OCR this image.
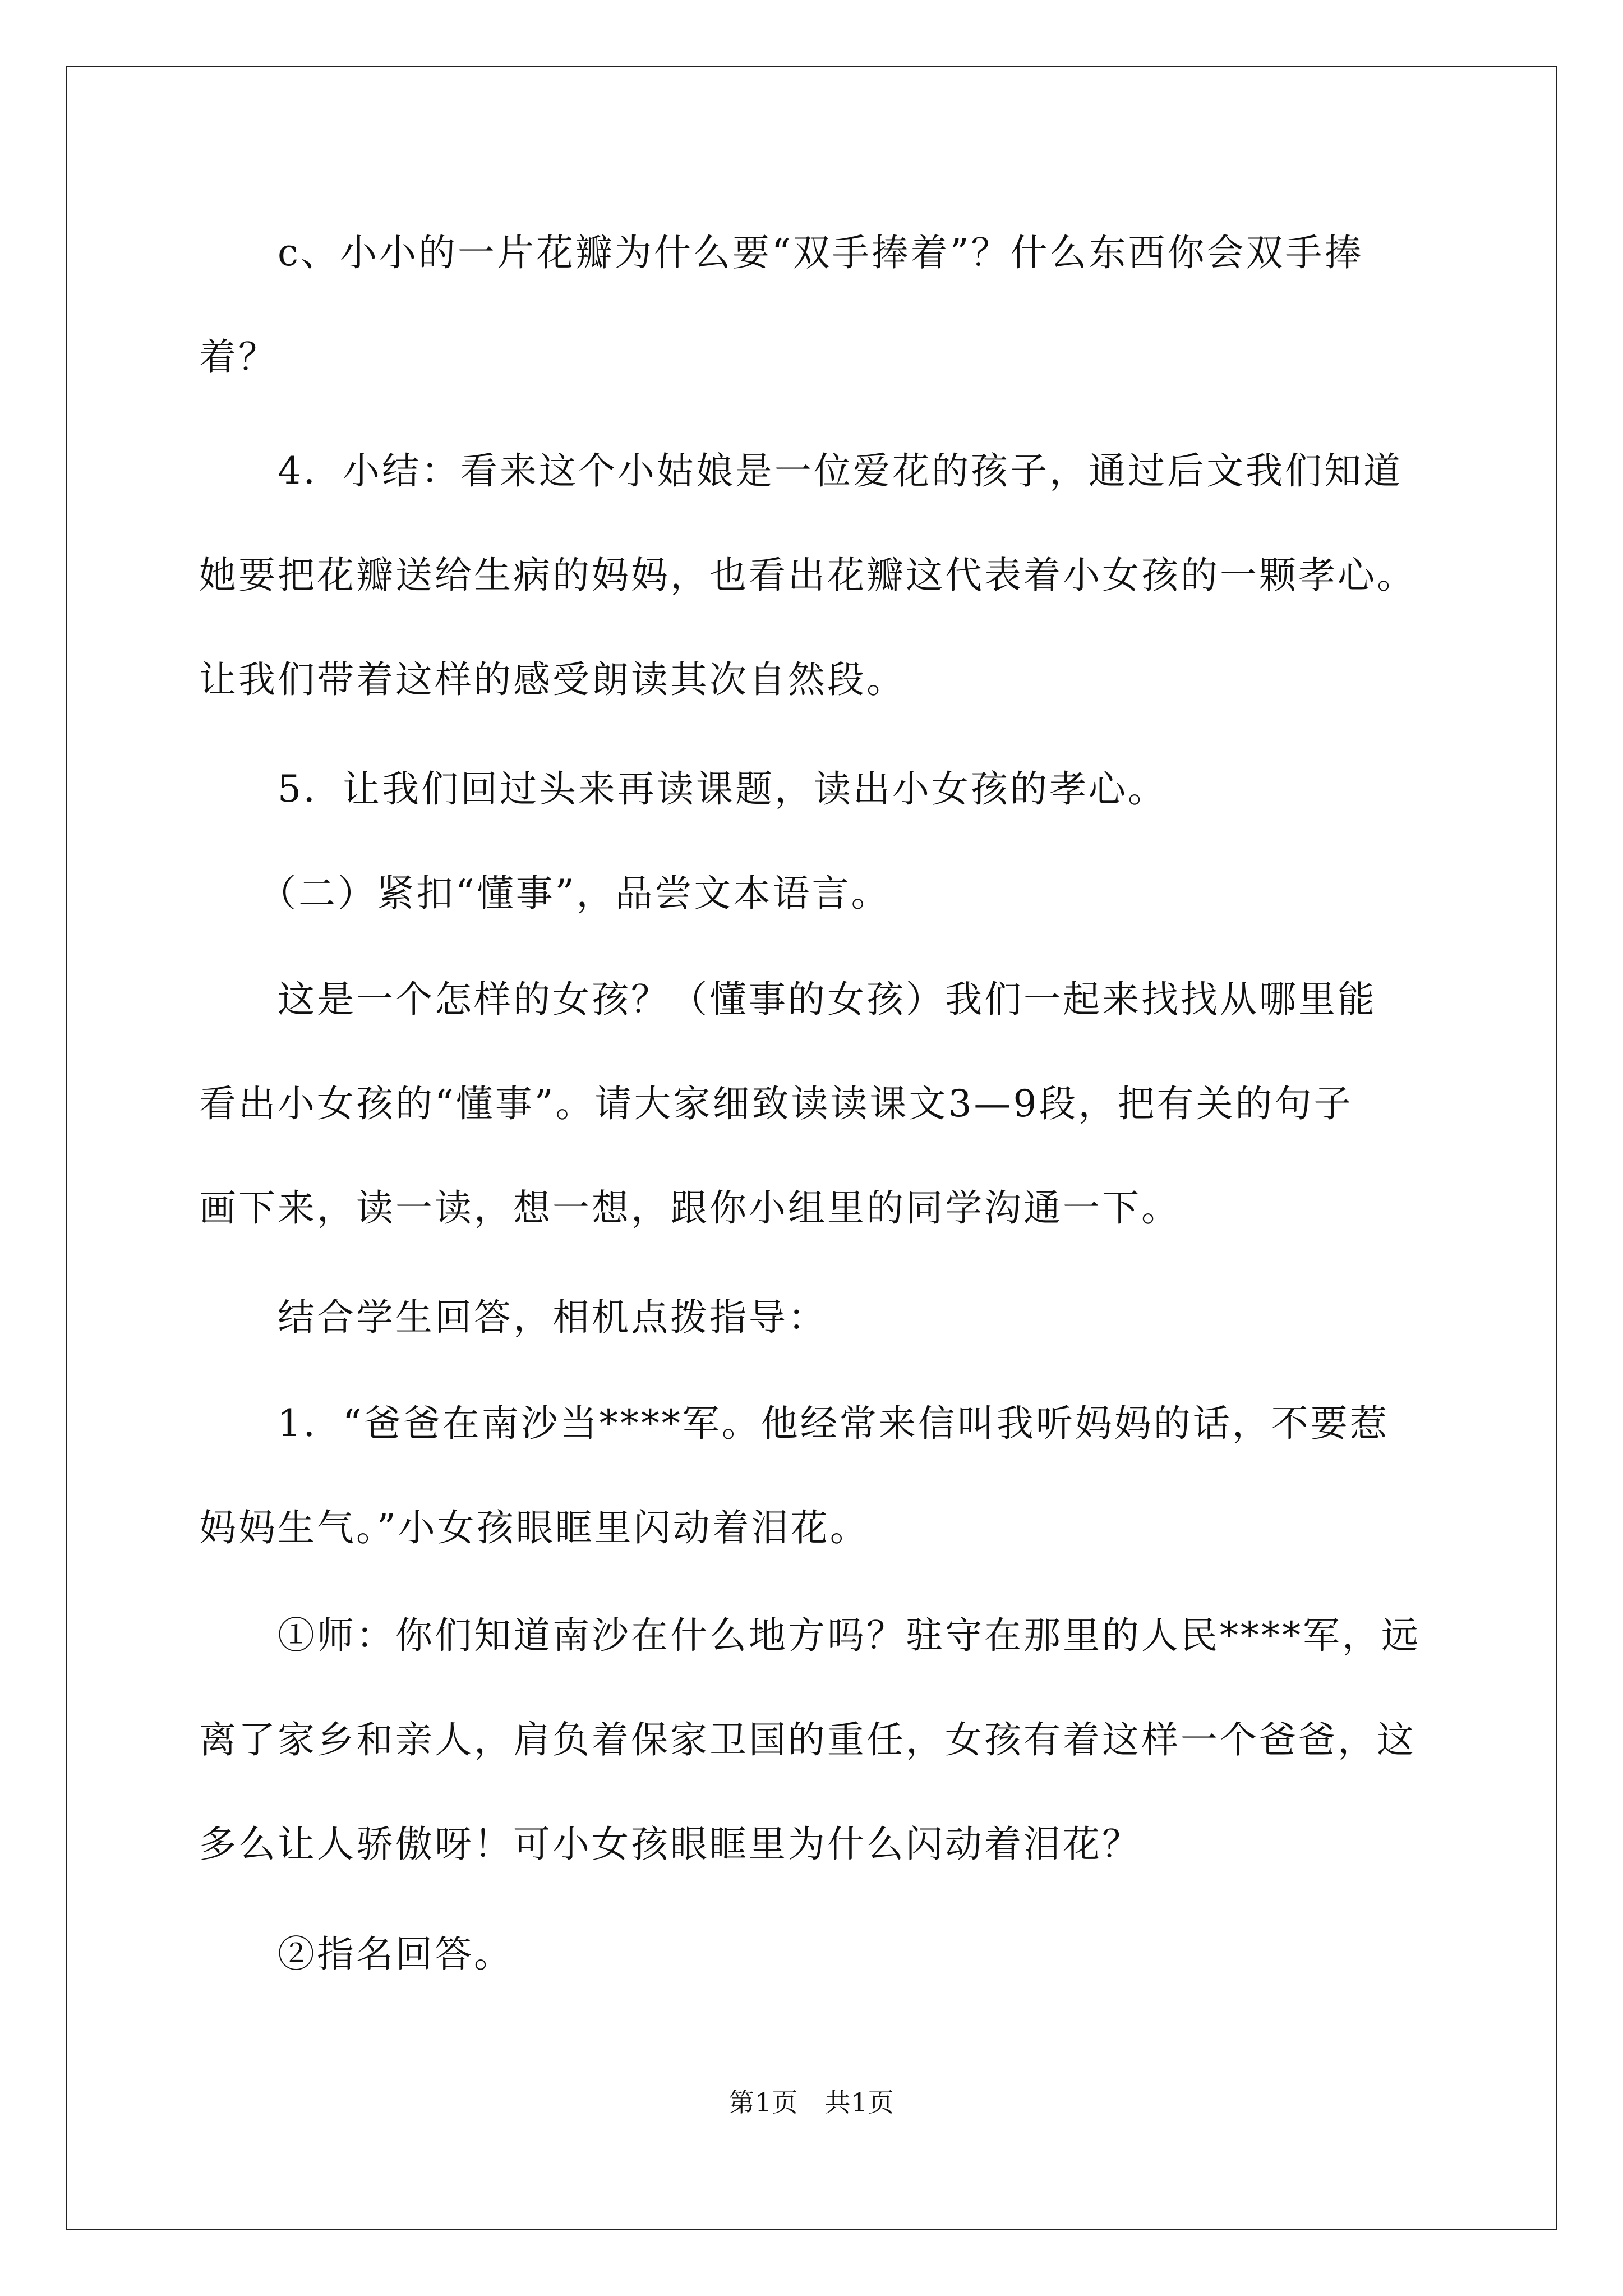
　　c、小小的一片花瓣为什么要“双手捧着”？什么东西你会双手捧
着？

　　4．小结：看来这个小姑娘是一位爱花的孩子，通过后文我们知道
她要把花瓣送给生病的妈妈，也看出花瓣这代表着小女孩的一颗孝心。
让我们带着这样的感受朗读其次自然段。

　　5．让我们回过头来再读课题，读出小女孩的孝心。

　　（二）紧扣“懂事”，品尝文本语言。

　　这是一个怎样的女孩？（懂事的女孩）我们一起来找找从哪里能
看出小女孩的“懂事”。请大家细致读读课文3—9段，把有关的句子
画下来，读一读，想一想，跟你小组里的同学沟通一下。

　　结合学生回答，相机点拨指导：

　　1．“爸爸在南沙当****军。他经常来信叫我听妈妈的话，不要惹
妈妈生气。”小女孩眼眶里闪动着泪花。

　　①师：你们知道南沙在什么地方吗？驻守在那里的人民****军，远
离了家乡和亲人，肩负着保家卫国的重任，女孩有着这样一个爸爸，这
多么让人骄傲呀！可小女孩眼眶里为什么闪动着泪花？

　　②指名回答。

第1页 共1页
